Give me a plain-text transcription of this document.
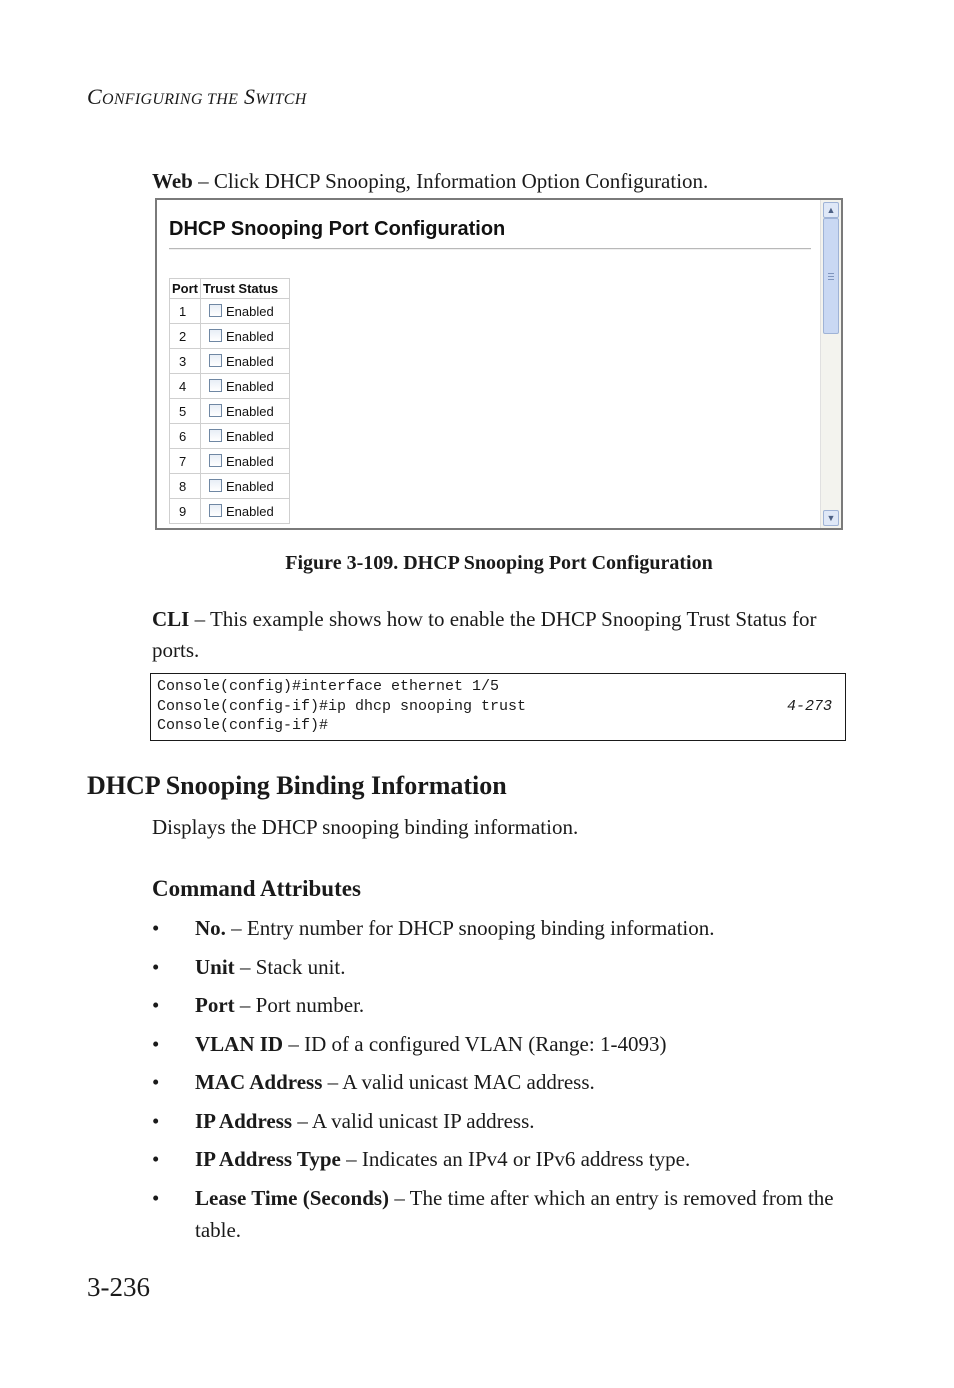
CONFIGURING THE SWITCH
Web – Click DHCP Snooping, Information Option Configuration.
DHCP Snooping Port Configuration
Port	Trust Status
1	Enabled
2	Enabled
3	Enabled
4	Enabled
5	Enabled
6	Enabled
7	Enabled
8	Enabled
9	Enabled
▲
▼
Figure 3-109. DHCP Snooping Port Configuration
CLI – This example shows how to enable the DHCP Snooping Trust Status for ports.
Console(config)#interface ethernet 1/5
Console(config-if)#ip dhcp snooping trust	4-273
Console(config-if)#
DHCP Snooping Binding Information
Displays the DHCP snooping binding information.
Command Attributes
• No. – Entry number for DHCP snooping binding information.
• Unit – Stack unit.
• Port – Port number.
• VLAN ID – ID of a configured VLAN (Range: 1-4093)
• MAC Address – A valid unicast MAC address.
• IP Address – A valid unicast IP address.
• IP Address Type – Indicates an IPv4 or IPv6 address type.
• Lease Time (Seconds) – The time after which an entry is removed from the table.
3-236
